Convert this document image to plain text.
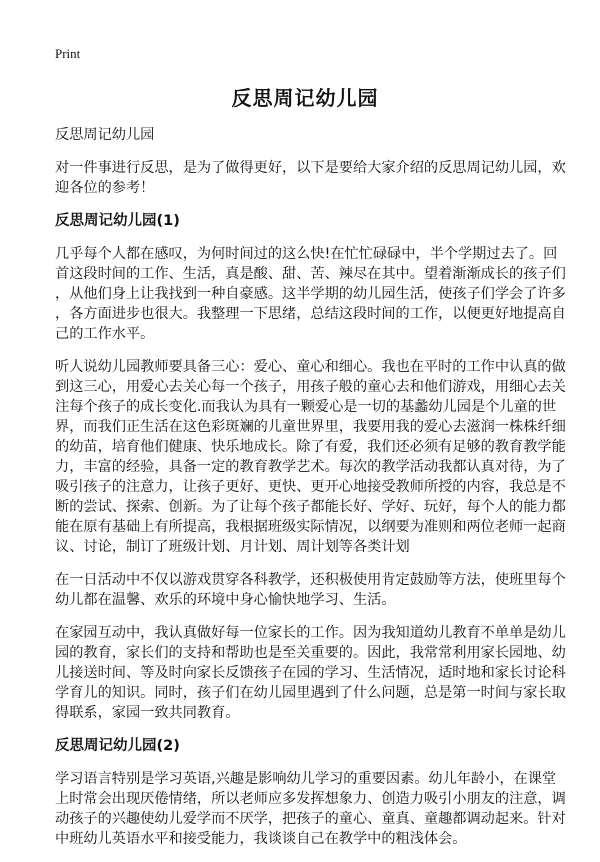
Print
反思周记幼儿园
反思周记幼儿园
对一件事进行反思，是为了做得更好，以下是要给大家介绍的反思周记幼儿园，欢
迎各位的参考！
反思周记幼儿园(1)
几乎每个人都在感叹，为何时间过的这么快!在忙忙碌碌中，半个学期过去了。回
首这段时间的工作、生活，真是酸、甜、苦、辣尽在其中。望着渐渐成长的孩子们
，从他们身上让我找到一种自豪感。这半学期的幼儿园生活，使孩子们学会了许多
，各方面进步也很大。我整理一下思绪，总结这段时间的工作，以便更好地提高自
己的工作水平。
听人说幼儿园教师要具备三心：爱心、童心和细心。我也在平时的工作中认真的做
到这三心，用爱心去关心每一个孩子，用孩子般的童心去和他们游戏，用细心去关
注每个孩子的成长变化.而我认为具有一颗爱心是一切的基蠡幼儿园是个儿童的世
界，而我们正生活在这色彩斑斓的儿童世界里，我要用我的爱心去滋润一株株纤细
的幼苗，培育他们健康、快乐地成长。除了有爱，我们还必须有足够的教育教学能
力，丰富的经验，具备一定的教育教学艺术。每次的教学活动我都认真对待，为了
吸引孩子的注意力，让孩子更好、更快、更开心地接受教师所授的内容，我总是不
断的尝试、探索、创新。为了让每个孩子都能长好、学好、玩好，每个人的能力都
能在原有基础上有所提高，我根据班级实际情况，以纲要为准则和两位老师一起商
议、讨论，制订了班级计划、月计划、周计划等各类计划
在一日活动中不仅以游戏贯穿各科教学，还积极使用肯定鼓励等方法，使班里每个
幼儿都在温馨、欢乐的环境中身心愉快地学习、生活。
在家园互动中，我认真做好每一位家长的工作。因为我知道幼儿教育不单单是幼儿
园的教育，家长们的支持和帮助也是至关重要的。因此，我常常利用家长园地、幼
儿接送时间、等及时向家长反馈孩子在园的学习、生活情况，适时地和家长讨论科
学育儿的知识。同时，孩子们在幼儿园里遇到了什么问题，总是第一时间与家长取
得联系，家园一致共同教育。
反思周记幼儿园(2)
学习语言特别是学习英语,兴趣是影响幼儿学习的重要因素。幼儿年龄小，在课堂
上时常会出现厌倦情绪，所以老师应多发挥想象力、创造力吸引小朋友的注意，调
动孩子的兴趣使幼儿爱学而不厌学，把孩子的童心、童真、童趣都调动起来。针对
中班幼儿英语水平和接受能力，我谈谈自己在教学中的粗浅体会。
